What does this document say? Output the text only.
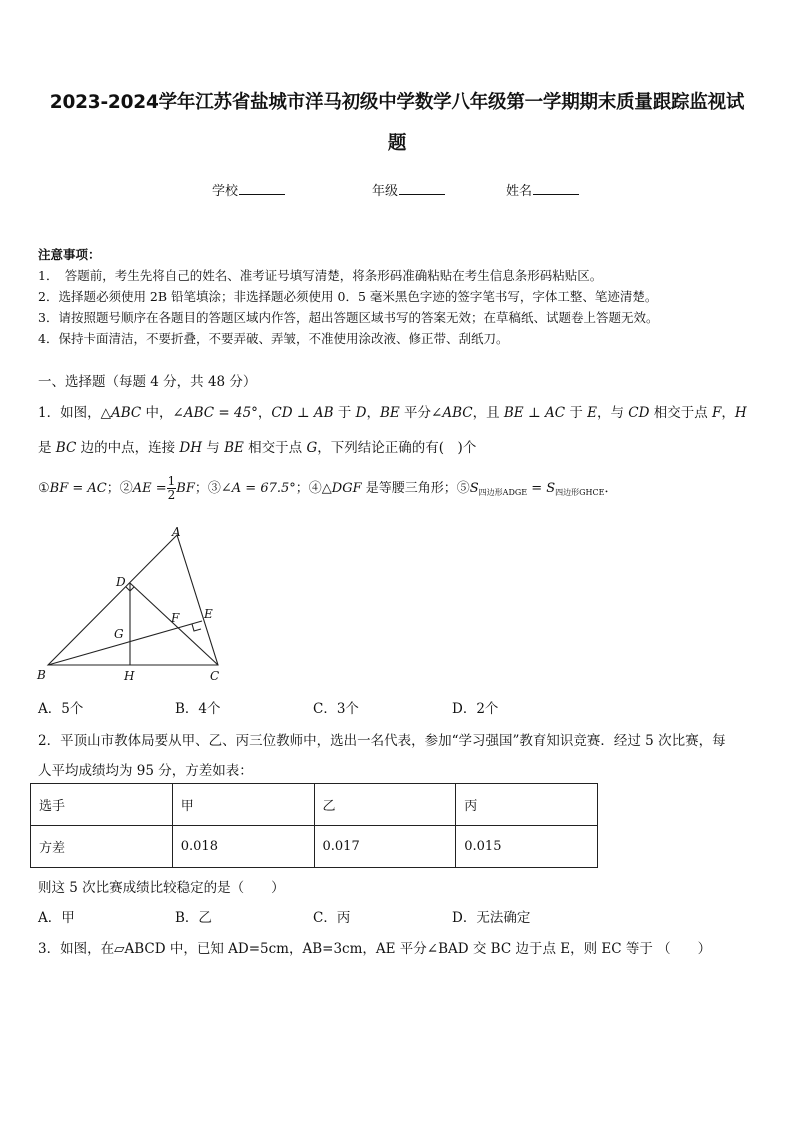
2023-2024学年江苏省盐城市洋马初级中学数学八年级第一学期期末质量跟踪监视试
题
学校	年级	姓名
注意事项：
1．　答题前，考生先将自己的姓名、准考证号填写清楚，将条形码准确粘贴在考生信息条形码粘贴区。
2．选择题必须使用 2B 铅笔填涂；非选择题必须使用 0．5 毫米黑色字迹的签字笔书写，字体工整、笔迹清楚。
3．请按照题号顺序在各题目的答题区域内作答，超出答题区域书写的答案无效；在草稿纸、试题卷上答题无效。
4．保持卡面清洁，不要折叠，不要弄破、弄皱，不准使用涂改液、修正带、刮纸刀。
一、选择题（每题 4 分，共 48 分）
1．如图，△ABC 中，∠ABC = 45°，CD ⊥ AB 于 D，BE 平分∠ABC，且 BE ⊥ AC 于 E，与 CD 相交于点 F，H
是 BC 边的中点，连接 DH 与 BE 相交于点 G，下列结论正确的有(　)个
①BF = AC；②AE = $\frac{1}{2}$ BF；③∠A = 67.5°；④△DGF 是等腰三角形；$⑤S_{四边形ADGE} = S_{四边形GHCE}$．
A
B	C
D
E
F
G
H
A．5个	B．4个	C．3个	D．2个
2．平顶山市教体局要从甲、乙、丙三位教师中，选出一名代表，参加“学习强国”教育知识竞赛．经过 5 次比赛，每
人平均成绩均为 95 分，方差如表：
选手	甲	乙	丙
方差	0.018	0.017	0.015
则这 5 次比赛成绩比较稳定的是（　　）
A．甲	B．乙	C．丙	D．无法确定
3．如图，在▱ABCD 中，已知 AD=5cm，AB=3cm，AE 平分∠BAD 交 BC 边于点 E，则 EC 等于 （　　）
